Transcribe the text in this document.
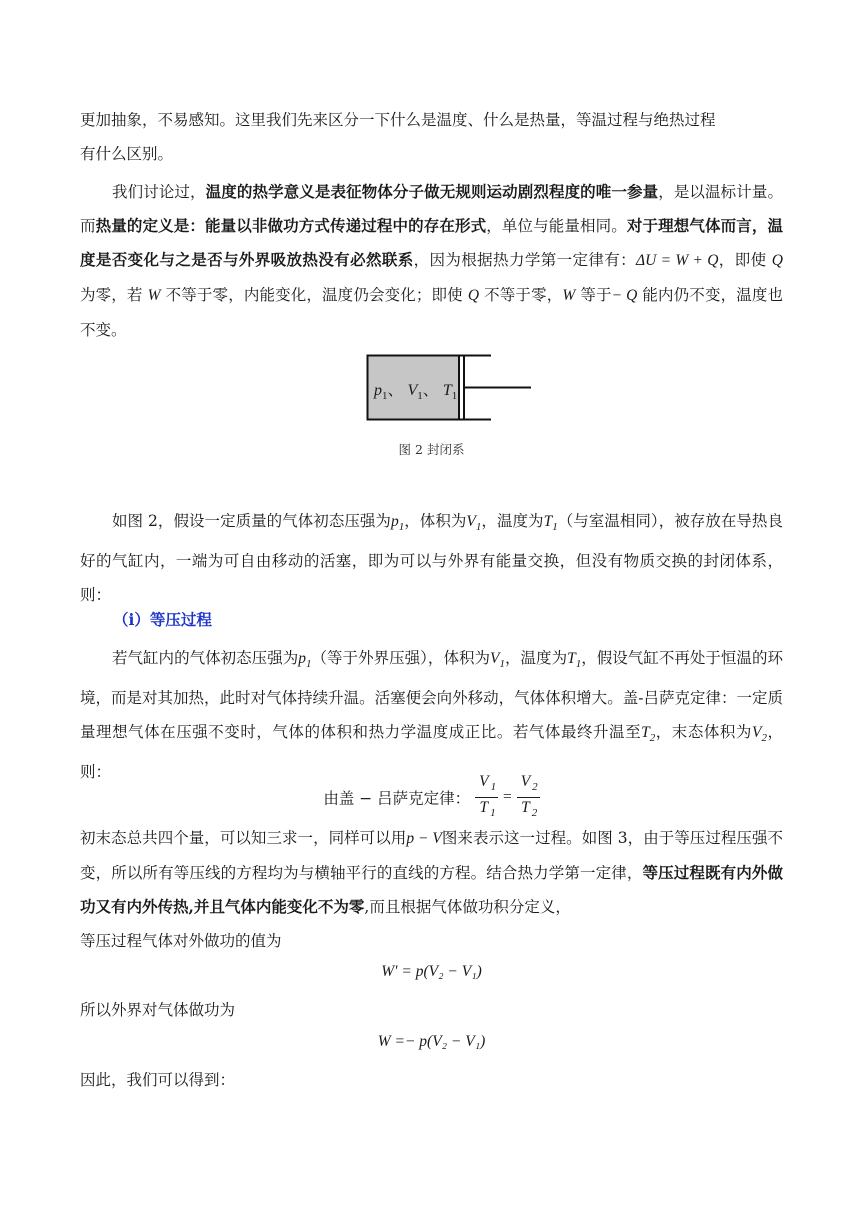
更加抽象，不易感知。这里我们先来区分一下什么是温度、什么是热量，等温过程与绝热过程
有什么区别。

我们讨论过，温度的热学意义是表征物体分子做无规则运动剧烈程度的唯一参量，是以温标计量。而热量的定义是：能量以非做功方式传递过程中的存在形式，单位与能量相同。对于理想气体而言，温度是否变化与之是否与外界吸放热没有必然联系，因为根据热力学第一定律有：ΔU = W + Q，即使 Q 为零，若 W 不等于零，内能变化，温度仍会变化；即使 Q 不等于零，W 等于− Q 能内仍不变，温度也不变。

$p_1$、 $V_1$、 $T_1$
图 2 封闭系

如图 2，假设一定质量的气体初态压强为$p_1$，体积为$V_1$，温度为$T_1$（与室温相同），被存放在导热良好的气缸内，一端为可自由移动的活塞，即为可以与外界有能量交换，但没有物质交换的封闭体系，则：

（i）等压过程

若气缸内的气体初态压强为$p_1$（等于外界压强），体积为$V_1$，温度为$T_1$，假设气缸不再处于恒温的环境，而是对其加热，此时对气体持续升温。活塞便会向外移动，气体体积增大。盖-吕萨克定律：一定质量理想气体在压强不变时，气体的体积和热力学温度成正比。若气体最终升温至$T_2$，末态体积为$V_2$，则：

由盖 − 吕萨克定律： $\frac{V _1}{T _1} = \frac{V _2}{T _2}$

初末态总共四个量，可以知三求一，同样可以用p − V图来表示这一过程。如图 3，由于等压过程压强不变，所以所有等压线的方程均为与横轴平行的直线的方程。结合热力学第一定律，等压过程既有内外做功又有内外传热,并且气体内能变化不为零,而且根据气体做功积分定义，
等压过程气体对外做功的值为

W′ = p(V₂ − V₁)

所以外界对气体做功为

W =− p(V₂ − V₁)

因此，我们可以得到：
